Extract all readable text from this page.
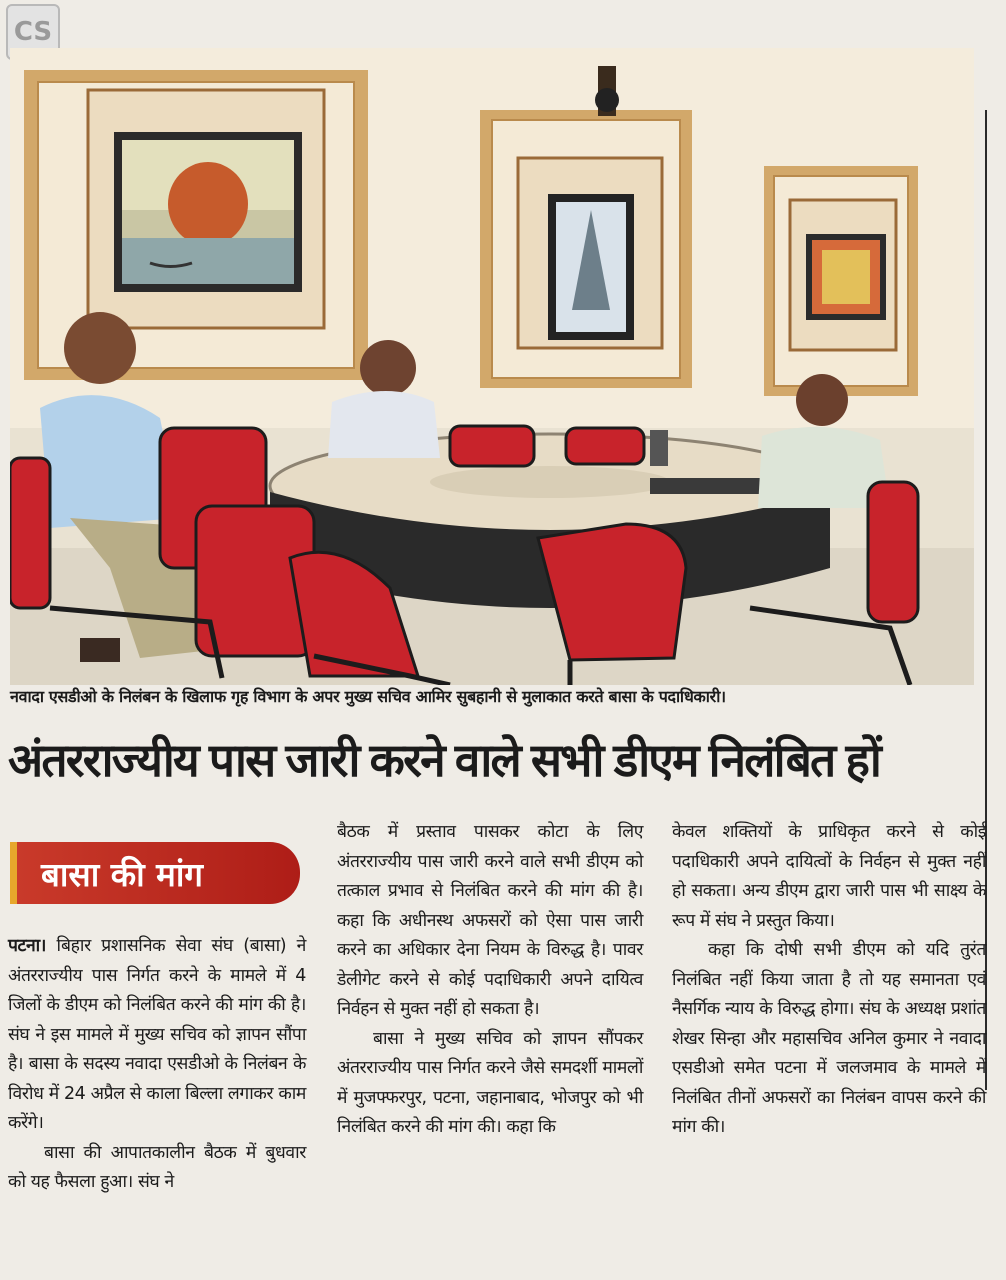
CS
नवादा एसडीओ के निलंबन के खिलाफ गृह विभाग के अपर मुख्य सचिव आमिर सुबहानी से मुलाकात करते बासा के पदाधिकारी।
अंतरराज्यीय पास जारी करने वाले सभी डीएम निलंबित हों
बासा की मांग

पटना। बिहार प्रशासनिक सेवा संघ (बासा) ने अंतरराज्यीय पास निर्गत करने के मामले में 4 जिलों के डीएम को निलंबित करने की मांग की है। संघ ने इस मामले में मुख्य सचिव को ज्ञापन सौंपा है। बासा के सदस्य नवादा एसडीओ के निलंबन के विरोध में 24 अप्रैल से काला बिल्ला लगाकर काम करेंगे।

बासा की आपातकालीन बैठक में बुधवार को यह फैसला हुआ। संघ ने

बैठक में प्रस्ताव पासकर कोटा के लिए अंतरराज्यीय पास जारी करने वाले सभी डीएम को तत्काल प्रभाव से निलंबित करने की मांग की है। कहा कि अधीनस्थ अफसरों को ऐसा पास जारी करने का अधिकार देना नियम के विरुद्ध है। पावर डेलीगेट करने से कोई पदाधिकारी अपने दायित्व निर्वहन से मुक्त नहीं हो सकता है।

बासा ने मुख्य सचिव को ज्ञापन सौंपकर अंतरराज्यीय पास निर्गत करने जैसे समदर्शी मामलों में मुजफ्फरपुर, पटना, जहानाबाद, भोजपुर को भी निलंबित करने की मांग की। कहा कि

केवल शक्तियों के प्राधिकृत करने से कोई पदाधिकारी अपने दायित्वों के निर्वहन से मुक्त नहीं हो सकता। अन्य डीएम द्वारा जारी पास भी साक्ष्य के रूप में संघ ने प्रस्तुत किया।

कहा कि दोषी सभी डीएम को यदि तुरंत निलंबित नहीं किया जाता है तो यह समानता एवं नैसर्गिक न्याय के विरुद्ध होगा। संघ के अध्यक्ष प्रशांत शेखर सिन्हा और महासचिव अनिल कुमार ने नवादा एसडीओ समेत पटना में जलजमाव के मामले में निलंबित तीनों अफसरों का निलंबन वापस करने की मांग की।
